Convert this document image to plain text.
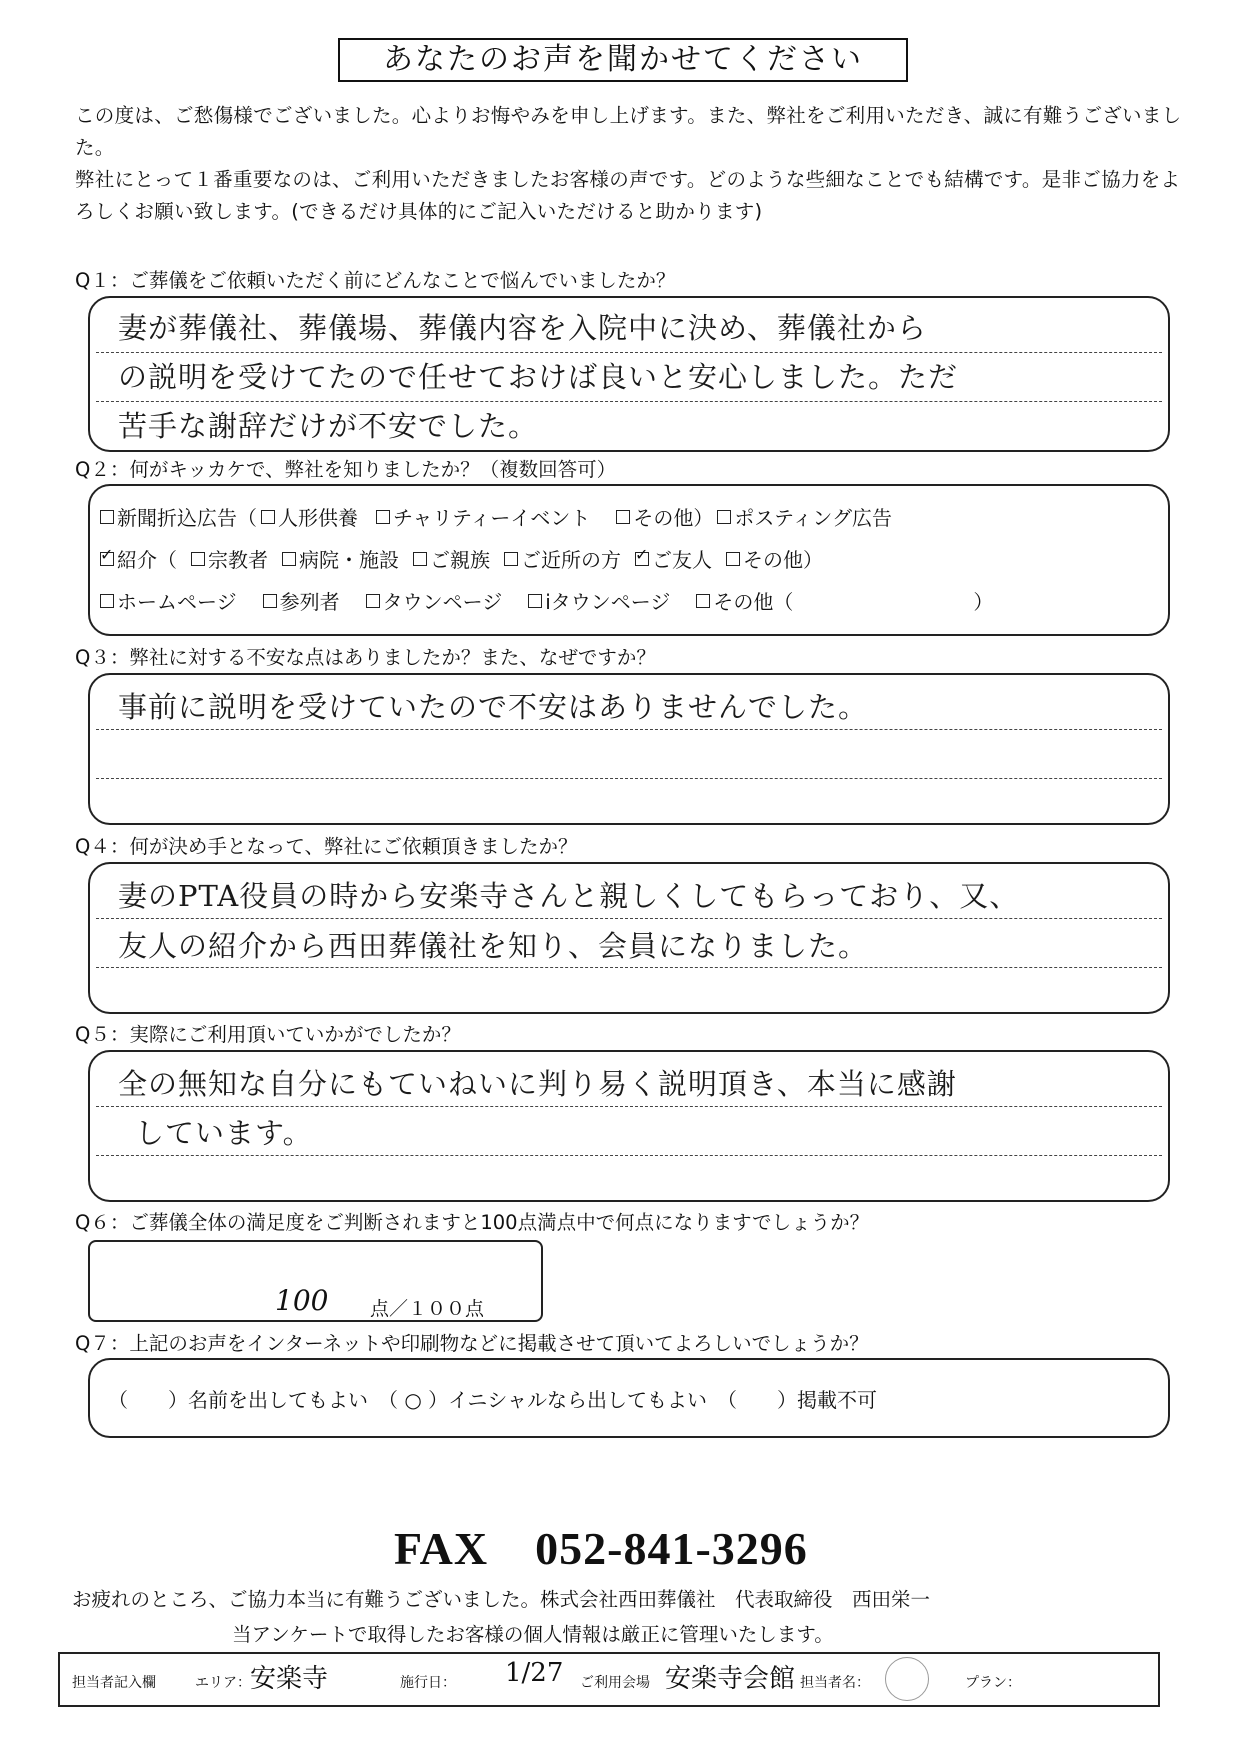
あなたのお声を聞かせてください

この度は、ご愁傷様でございました。心よりお悔やみを申し上げます。また、弊社をご利用いただき、誠に有難うございました。

弊社にとって１番重要なのは、ご利用いただきましたお客様の声です。どのような些細なことでも結構です。是非ご協力をよろしくお願い致します。(できるだけ具体的にご記入いただけると助かります)

Q１：ご葬儀をご依頼いただく前にどんなことで悩んでいましたか？
妻が葬儀社、葬儀場、葬儀内容を入院中に決め、葬儀社から
の説明を受けてたので任せておけば良いと安心しました。ただ
苦手な謝辞だけが不安でした。
Q２：何がキッカケで、弊社を知りましたか？（複数回答可）
新聞折込広告（ 人形供養 チャリティーイベント その他） ポスティング広告
✓
紹介（ 宗教者 病院・施設 ご親族 ご近所の方
✓ ご友人 その他）
ホームページ 参列者 タウンページ iタウンページ その他（　　　　　　　　　）
Q３：弊社に対する不安な点はありましたか？また、なぜですか？
事前に説明を受けていたので不安はありませんでした。
Q４：何が決め手となって、弊社にご依頼頂きましたか？
妻のPTA役員の時から安楽寺さんと親しくしてもらっており、又、
友人の紹介から西田葬儀社を知り、会員になりました。
Q５：実際にご利用頂いていかがでしたか？
全の無知な自分にもていねいに判り易く説明頂き、本当に感謝
しています。
Q６：ご葬儀全体の満足度をご判断されますと100点満点中で何点になりますでしょうか？
100 点／１００点
Q７：上記のお声をインターネットや印刷物などに掲載させて頂いてよろしいでしょうか？
（　　）名前を出してもよい　（ ○ ）イニシャルなら出してもよい　（　　）掲載不可
FAX　052-841-3296
お疲れのところ、ご協力本当に有難うございました。株式会社西田葬儀社　代表取締役　西田栄一
当アンケートで取得したお客様の個人情報は厳正に管理いたします。
担当者記入欄	エリア： 安楽寺	施行日： 1/27 ご利用会場 安楽寺会館 担当者名：	プラン：
